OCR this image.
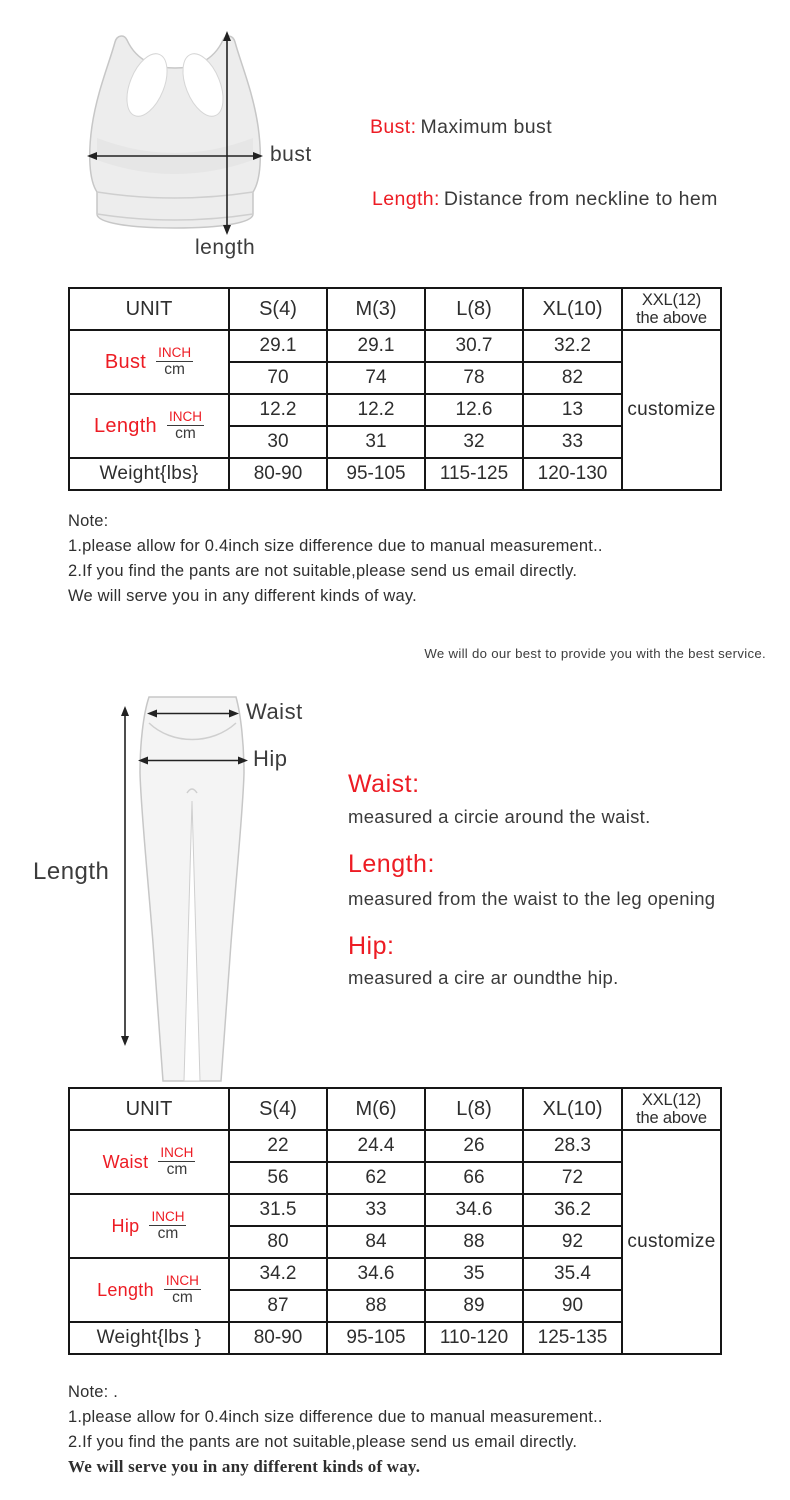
bust
length

Bust: Maximum bust

Length: Distance from neckline to hem

UNIT	S(4)	M(3)	L(8)	XL(10)	XXL(12)
the above

Bust $\frac{\text{INCH}}{cm}$	29.1	29.1	30.7	32.2	customize
	70	74	78	82	

Length $\frac{\text{INCH}}{cm}$	12.2	12.2	12.6	13	
	30	31	32	33	
Weight{lbs}	80-90	95-105	115-125	120-130	

Note:

1.please allow for 0.4inch size difference due to manual measurement..

2.If you find the pants are not suitable,please send us email directly.

We will serve you in any different kinds of way.

We will do our best to provide you with the best service.
Waist
Hip
Length
Waist:
measured a circie around the waist.
Length:
measured from the waist to the leg opening
Hip:
measured a cire ar oundthe hip.
UNIT	S(4)	M(6)	L(8)	XL(10)	XXL(12)
the above

Waist $\frac{\text{INCH}}{cm}$	22	24.4	26	28.3	customize
	56	62	66	72	

Hip $\frac{\text{INCH}}{cm}$	31.5	33	34.6	36.2	
	80	84	88	92	

Length $\frac{\text{INCH}}{cm}$	34.2	34.6	35	35.4	
	87	88	89	90	
Weight{lbs }	80-90	95-105	110-120	125-135	

Note: .

1.please allow for 0.4inch size difference due to manual measurement..

2.If you find the pants are not suitable,please send us email directly.

We will serve you in any different kinds of way.
